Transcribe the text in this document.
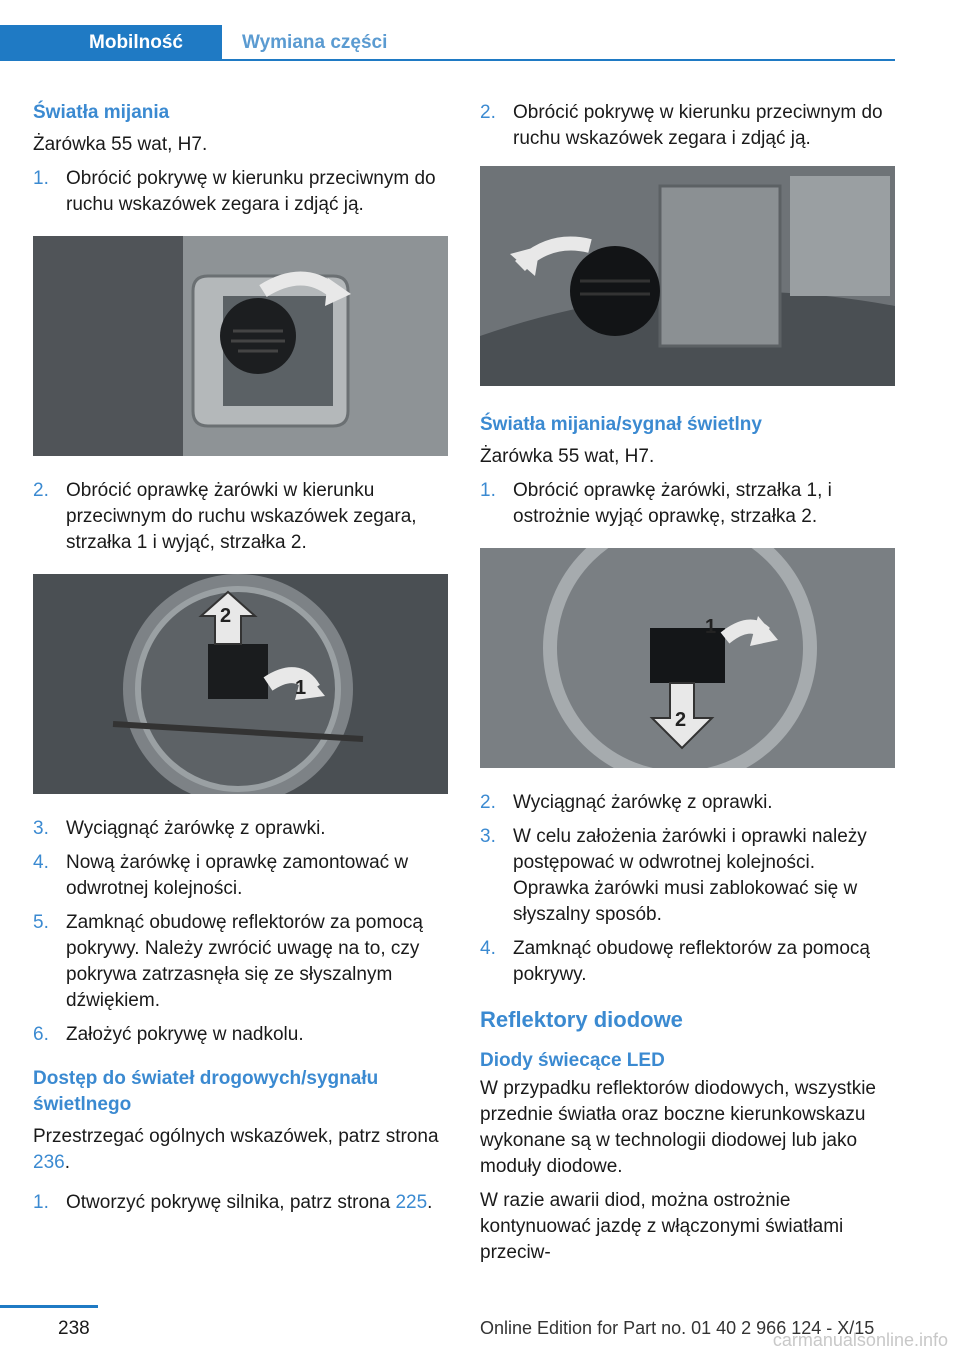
Mobilność	Wymiana części
Światła mijania

Żarówka 55 wat, H7.

1. Obrócić pokrywę w kierunku przeciwnym do ruchu wskazówek zegara i zdjąć ją.
2. Obrócić oprawkę żarówki w kierunku przeciwnym do ruchu wskazówek zegara, strzałka 1 i wyjąć, strzałka 2.
2
1
3. Wyciągnąć żarówkę z oprawki.
4. Nową żarówkę i oprawkę zamontować w odwrotnej kolejności.
5. Zamknąć obudowę reflektorów za pomocą pokrywy. Należy zwrócić uwagę na to, czy pokrywa zatrzasnęła się ze słyszalnym dźwiękiem.
6. Założyć pokrywę w nadkolu.
Dostęp do świateł drogowych/sygnału świetlnego

Przestrzegać ogólnych wskazówek, patrz strona 236.

1. Otworzyć pokrywę silnika, patrz strona 225.
2. Obrócić pokrywę w kierunku przeciwnym do ruchu wskazówek zegara i zdjąć ją.
Światła mijania/sygnał świetlny

Żarówka 55 wat, H7.

1. Obrócić oprawkę żarówki, strzałka 1, i ostrożnie wyjąć oprawkę, strzałka 2.
1
2
2. Wyciągnąć żarówkę z oprawki.
3. W celu założenia żarówki i oprawki należy postępować w odwrotnej kolejności. Oprawka żarówki musi zablokować się w słyszalny sposób.
4. Zamknąć obudowę reflektorów za pomocą pokrywy.
Reflektory diodowe
Diody świecące LED

W przypadku reflektorów diodowych, wszystkie przednie światła oraz boczne kierunkowskazu wykonane są w technologii diodowej lub jako moduły diodowe.

W razie awarii diod, można ostrożnie kontynuować jazdę z włączonymi światłami przeciw-

238	Online Edition for Part no. 01 40 2 966 124 - X/15
carmanualsonline.info
